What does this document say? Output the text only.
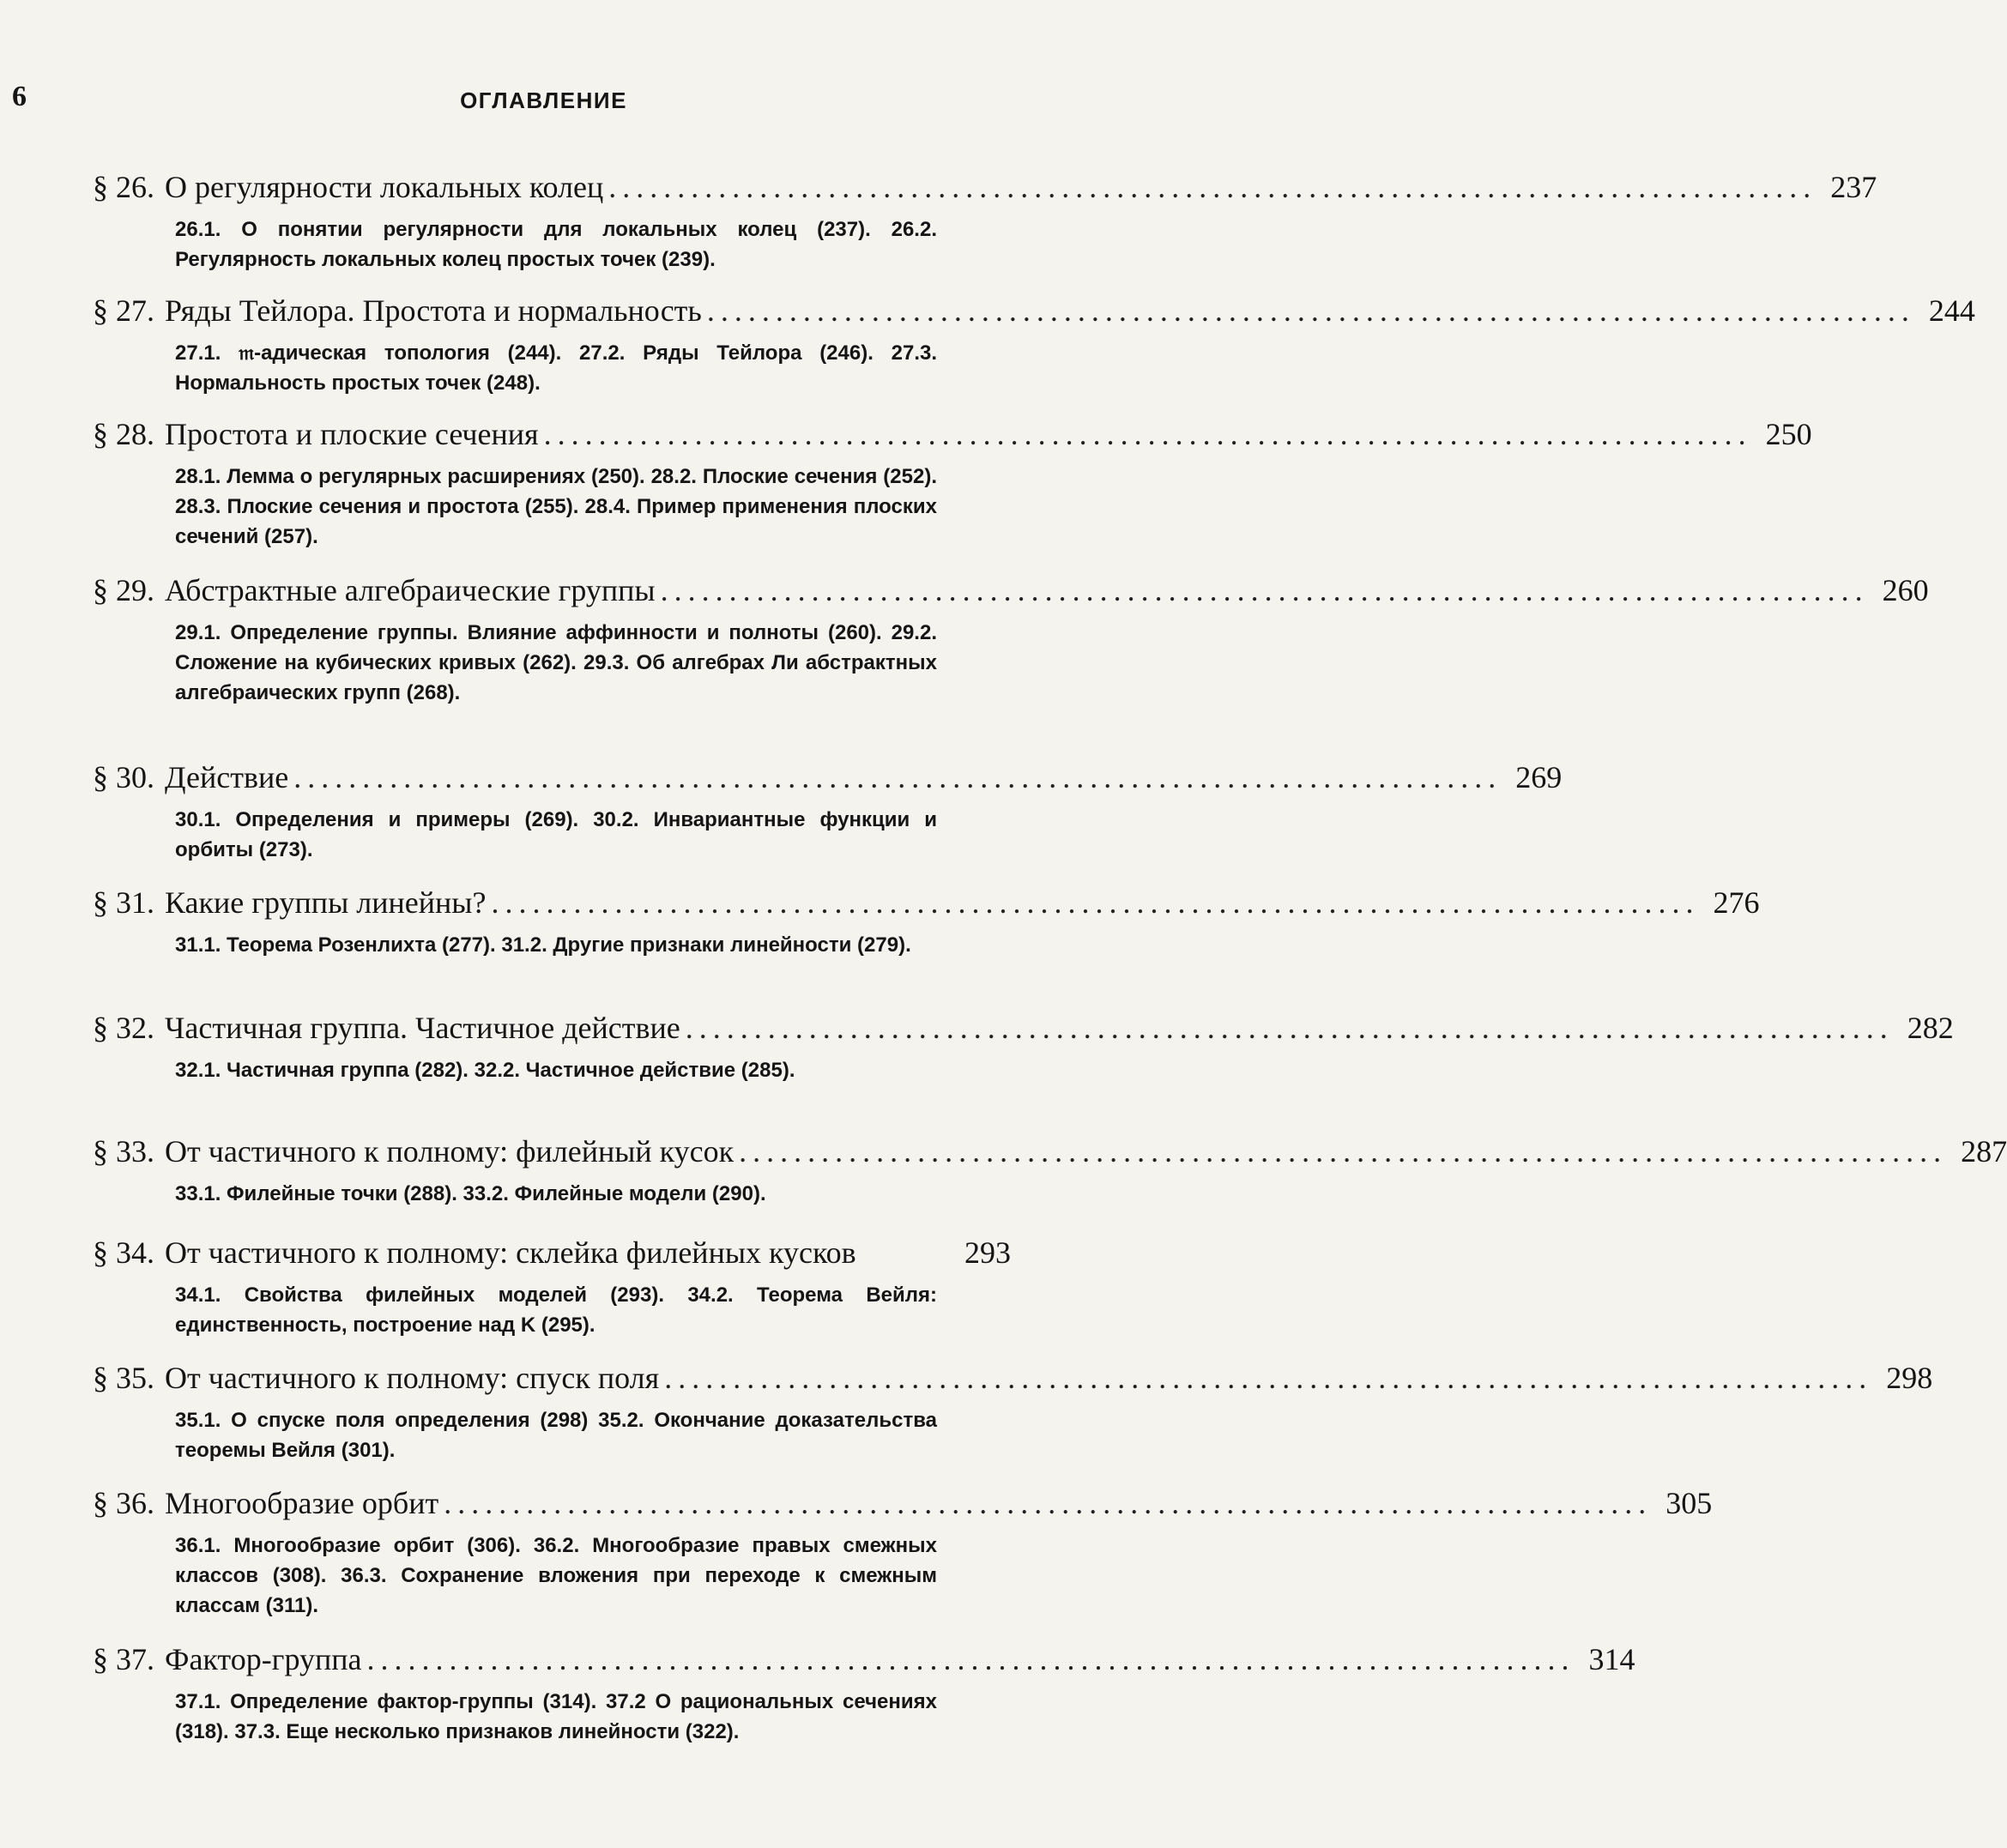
6	ОГЛАВЛЕНИЕ
§ 26. О регулярности локальных колец ........................................................................................ 237
26.1. О понятии регулярности для локальных колец (237). 26.2. Регулярность локальных колец простых точек (239).
§ 27. Ряды Тейлора. Простота и нормальность ........................................................................................ 244
27.1. 𝔪-адическая топология (244). 27.2. Ряды Тейлора (246). 27.3. Нормальность простых точек (248).
§ 28. Простота и плоские сечения ........................................................................................ 250
28.1. Лемма о регулярных расширениях (250). 28.2. Плоские сечения (252). 28.3. Плоские сечения и простота (255). 28.4. Пример применения плоских сечений (257).
§ 29. Абстрактные алгебраические группы ........................................................................................ 260
29.1. Определение группы. Влияние аффинности и полноты (260). 29.2. Сложение на кубических кривых (262). 29.3. Об алгебрах Ли абстрактных алгебраических групп (268).
§ 30. Действие ........................................................................................ 269
30.1. Определения и примеры (269). 30.2. Инвариантные функции и орбиты (273).
§ 31. Какие группы линейны? ........................................................................................ 276
31.1. Теорема Розенлихта (277). 31.2. Другие признаки линейности (279).
§ 32. Частичная группа. Частичное действие ........................................................................................ 282
32.1. Частичная группа (282). 32.2. Частичное действие (285).
§ 33. От частичного к полному: филейный кусок ........................................................................................ 287
33.1. Филейные точки (288). 33.2. Филейные модели (290).
§ 34. От частичного к полному: склейка филейных кусков	293
34.1. Свойства филейных моделей (293). 34.2. Теорема Вейля: единственность, построение над K (295).
§ 35. От частичного к полному: спуск поля ........................................................................................ 298
35.1. О спуске поля определения (298) 35.2. Окончание доказательства теоремы Вейля (301).
§ 36. Многообразие орбит ........................................................................................ 305
36.1. Многообразие орбит (306). 36.2. Многообразие правых смежных классов (308). 36.3. Сохранение вложения при переходе к смежным классам (311).
§ 37. Фактор-группа ........................................................................................ 314
37.1. Определение фактор-группы (314). 37.2 О рациональных сечениях (318). 37.3. Еще несколько признаков линейности (322).
